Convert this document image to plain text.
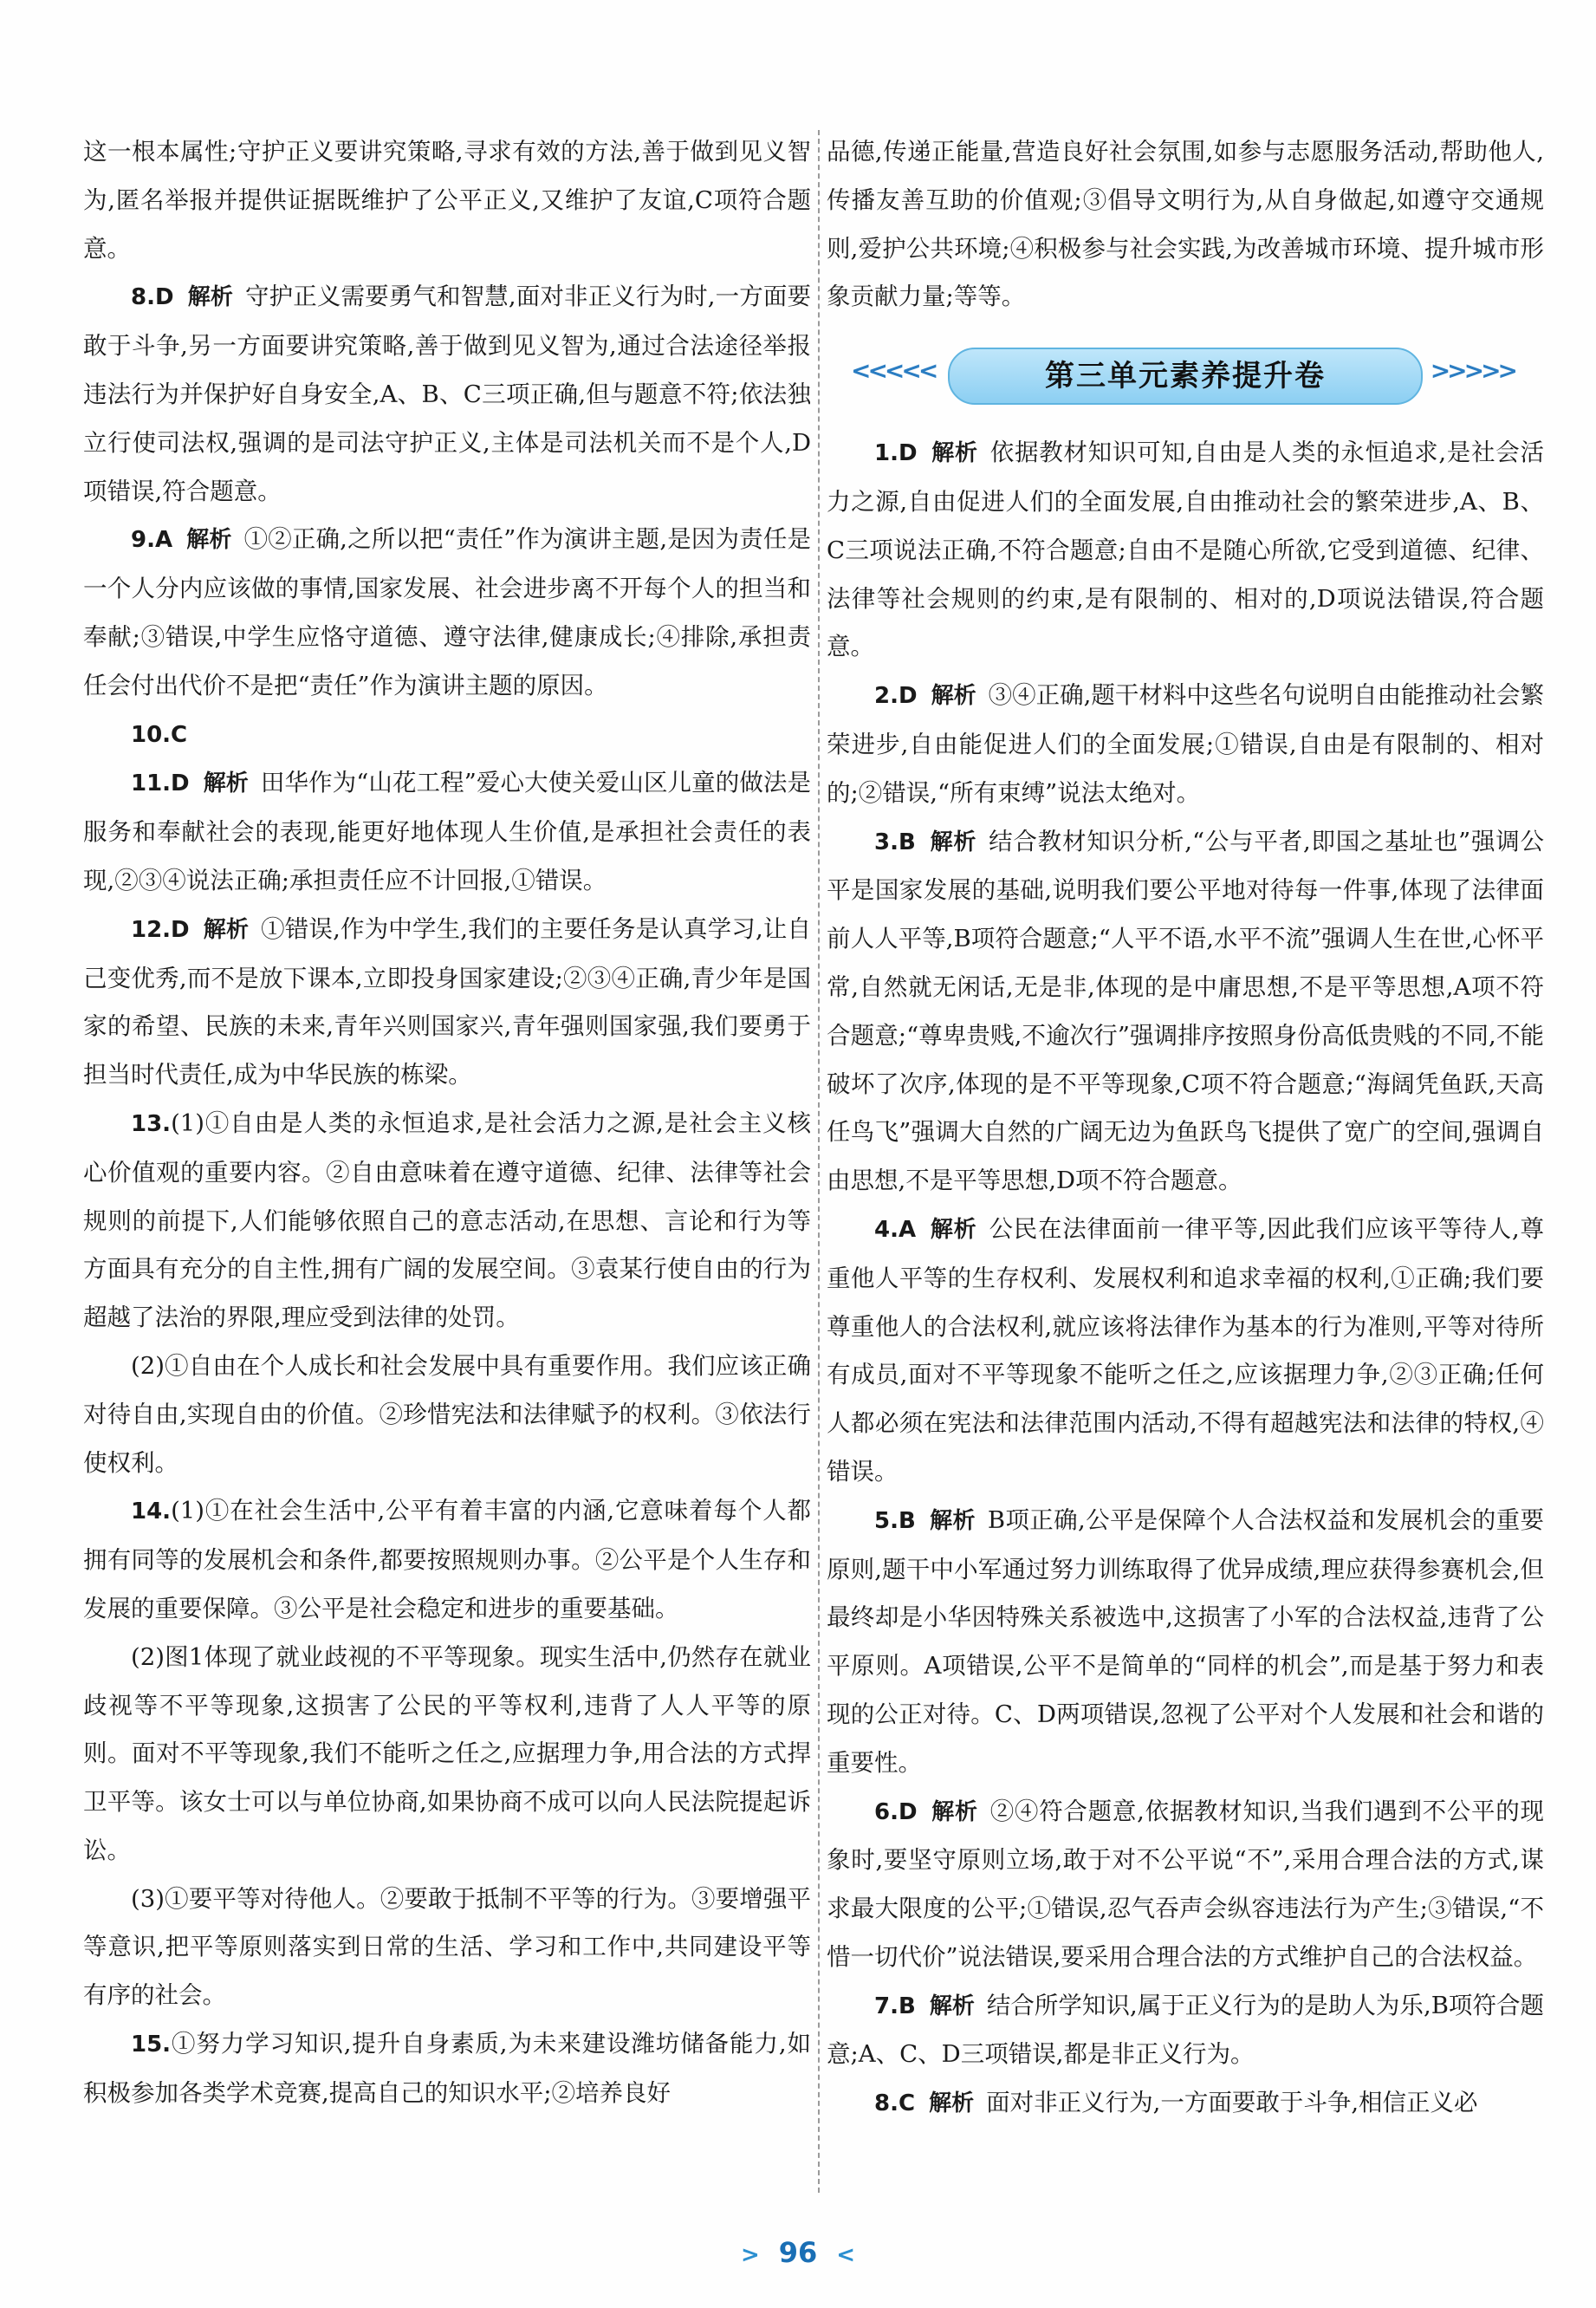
这一根本属性;守护正义要讲究策略,寻求有效的方法,善于做到见义智为,匿名举报并提供证据既维护了公平正义,又维护了友谊,C项符合题意。

8.D 解析 守护正义需要勇气和智慧,面对非正义行为时,一方面要敢于斗争,另一方面要讲究策略,善于做到见义智为,通过合法途径举报违法行为并保护好自身安全,A、B、C三项正确,但与题意不符;依法独立行使司法权,强调的是司法守护正义,主体是司法机关而不是个人,D项错误,符合题意。

9.A 解析 ①②正确,之所以把“责任”作为演讲主题,是因为责任是一个人分内应该做的事情,国家发展、社会进步离不开每个人的担当和奉献;③错误,中学生应恪守道德、遵守法律,健康成长;④排除,承担责任会付出代价不是把“责任”作为演讲主题的原因。

10.C

11.D 解析 田华作为“山花工程”爱心大使关爱山区儿童的做法是服务和奉献社会的表现,能更好地体现人生价值,是承担社会责任的表现,②③④说法正确;承担责任应不计回报,①错误。

12.D 解析 ①错误,作为中学生,我们的主要任务是认真学习,让自己变优秀,而不是放下课本,立即投身国家建设;②③④正确,青少年是国家的希望、民族的未来,青年兴则国家兴,青年强则国家强,我们要勇于担当时代责任,成为中华民族的栋梁。

13.(1)①自由是人类的永恒追求,是社会活力之源,是社会主义核心价值观的重要内容。②自由意味着在遵守道德、纪律、法律等社会规则的前提下,人们能够依照自己的意志活动,在思想、言论和行为等方面具有充分的自主性,拥有广阔的发展空间。③袁某行使自由的行为超越了法治的界限,理应受到法律的处罚。

(2)①自由在个人成长和社会发展中具有重要作用。我们应该正确对待自由,实现自由的价值。②珍惜宪法和法律赋予的权利。③依法行使权利。

14.(1)①在社会生活中,公平有着丰富的内涵,它意味着每个人都拥有同等的发展机会和条件,都要按照规则办事。②公平是个人生存和发展的重要保障。③公平是社会稳定和进步的重要基础。

(2)图1体现了就业歧视的不平等现象。现实生活中,仍然存在就业歧视等不平等现象,这损害了公民的平等权利,违背了人人平等的原则。面对不平等现象,我们不能听之任之,应据理力争,用合法的方式捍卫平等。该女士可以与单位协商,如果协商不成可以向人民法院提起诉讼。

(3)①要平等对待他人。②要敢于抵制不平等的行为。③要增强平等意识,把平等原则落实到日常的生活、学习和工作中,共同建设平等有序的社会。

15.①努力学习知识,提升自身素质,为未来建设潍坊储备能力,如积极参加各类学术竞赛,提高自己的知识水平;②培养良好

品德,传递正能量,营造良好社会氛围,如参与志愿服务活动,帮助他人,传播友善互助的价值观;③倡导文明行为,从自身做起,如遵守交通规则,爱护公共环境;④积极参与社会实践,为改善城市环境、提升城市形象贡献力量;等等。

<<<<<	第三单元素养提升卷	>>>>>

1.D 解析 依据教材知识可知,自由是人类的永恒追求,是社会活力之源,自由促进人们的全面发展,自由推动社会的繁荣进步,A、B、C三项说法正确,不符合题意;自由不是随心所欲,它受到道德、纪律、法律等社会规则的约束,是有限制的、相对的,D项说法错误,符合题意。

2.D 解析 ③④正确,题干材料中这些名句说明自由能推动社会繁荣进步,自由能促进人们的全面发展;①错误,自由是有限制的、相对的;②错误,“所有束缚”说法太绝对。

3.B 解析 结合教材知识分析,“公与平者,即国之基址也”强调公平是国家发展的基础,说明我们要公平地对待每一件事,体现了法律面前人人平等,B项符合题意;“人平不语,水平不流”强调人生在世,心怀平常,自然就无闲话,无是非,体现的是中庸思想,不是平等思想,A项不符合题意;“尊卑贵贱,不逾次行”强调排序按照身份高低贵贱的不同,不能破坏了次序,体现的是不平等现象,C项不符合题意;“海阔凭鱼跃,天高任鸟飞”强调大自然的广阔无边为鱼跃鸟飞提供了宽广的空间,强调自由思想,不是平等思想,D项不符合题意。

4.A 解析 公民在法律面前一律平等,因此我们应该平等待人,尊重他人平等的生存权利、发展权利和追求幸福的权利,①正确;我们要尊重他人的合法权利,就应该将法律作为基本的行为准则,平等对待所有成员,面对不平等现象不能听之任之,应该据理力争,②③正确;任何人都必须在宪法和法律范围内活动,不得有超越宪法和法律的特权,④错误。

5.B 解析 B项正确,公平是保障个人合法权益和发展机会的重要原则,题干中小军通过努力训练取得了优异成绩,理应获得参赛机会,但最终却是小华因特殊关系被选中,这损害了小军的合法权益,违背了公平原则。A项错误,公平不是简单的“同样的机会”,而是基于努力和表现的公正对待。C、D两项错误,忽视了公平对个人发展和社会和谐的重要性。

6.D 解析 ②④符合题意,依据教材知识,当我们遇到不公平的现象时,要坚守原则立场,敢于对不公平说“不”,采用合理合法的方式,谋求最大限度的公平;①错误,忍气吞声会纵容违法行为产生;③错误,“不惜一切代价”说法错误,要采用合理合法的方式维护自己的合法权益。

7.B 解析 结合所学知识,属于正义行为的是助人为乐,B项符合题意;A、C、D三项错误,都是非正义行为。

8.C 解析 面对非正义行为,一方面要敢于斗争,相信正义必

> 96 <
